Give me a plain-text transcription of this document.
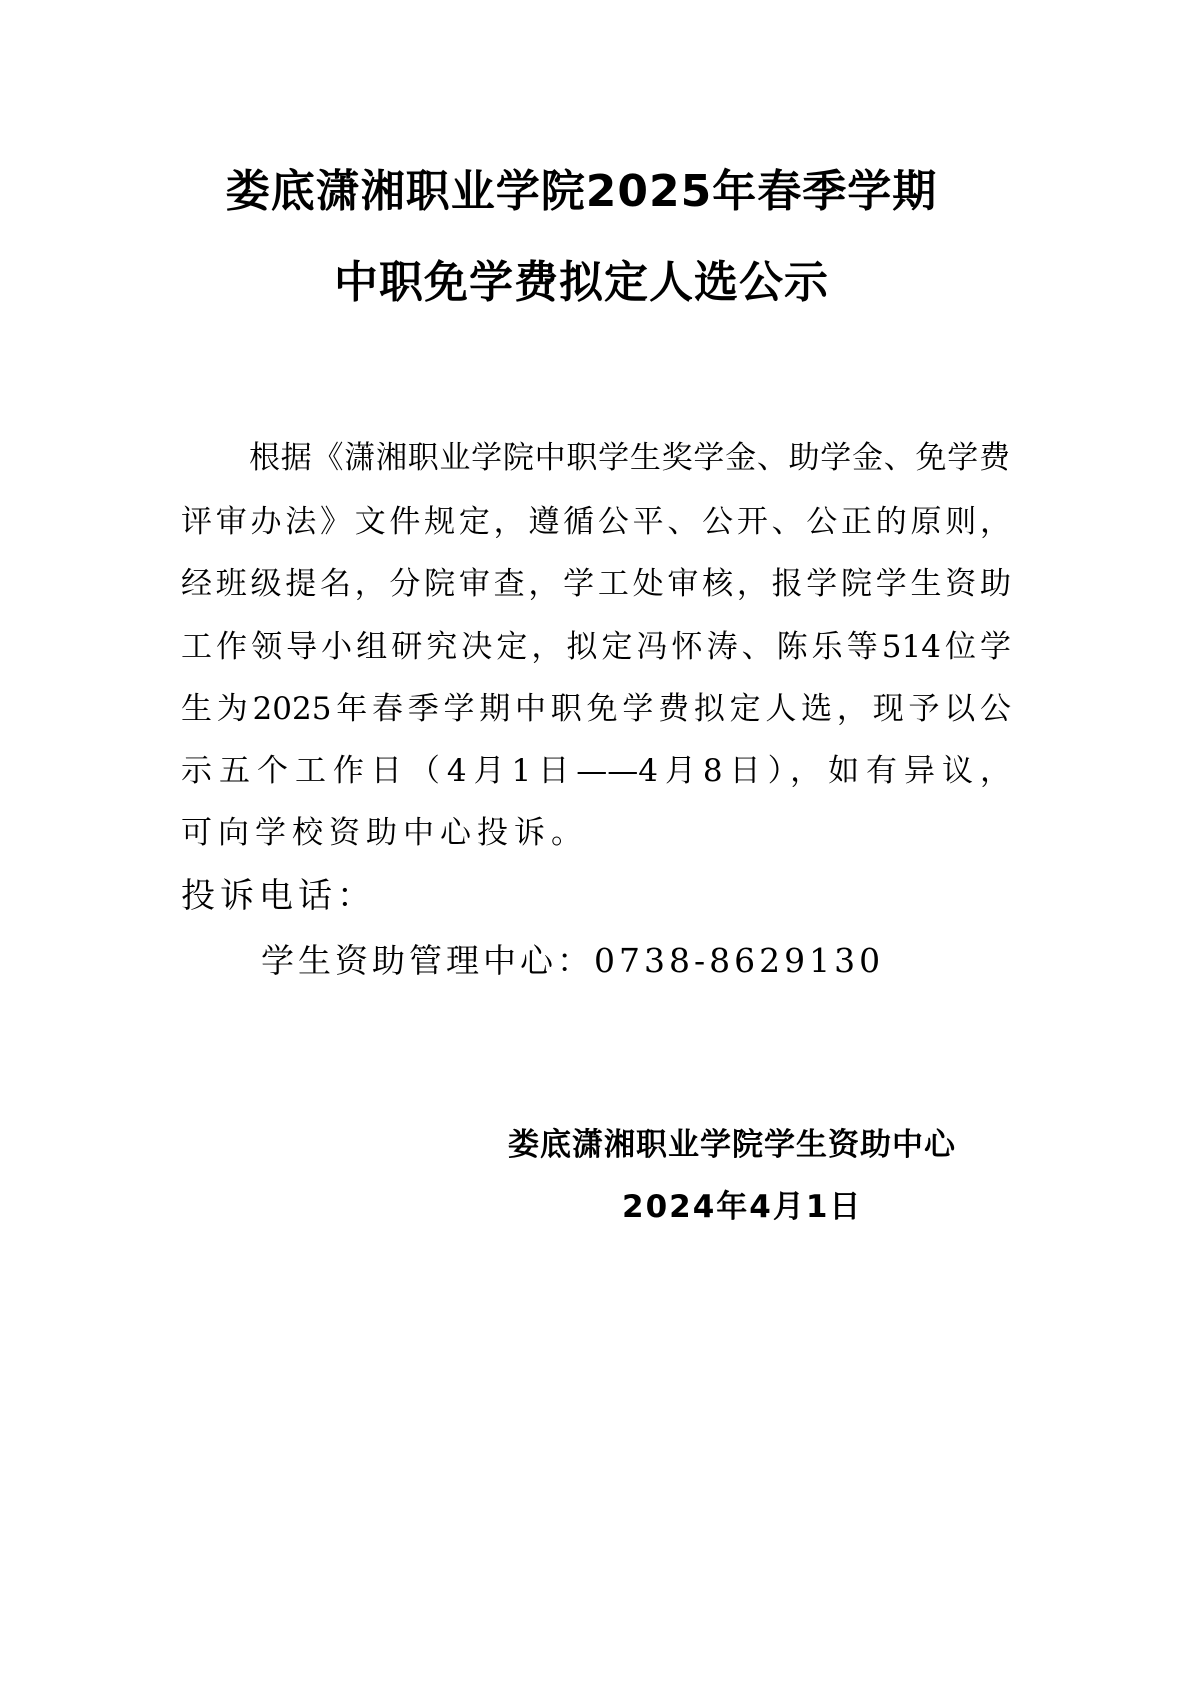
娄底潇湘职业学院2025年春季学期
中职免学费拟定人选公示
根据《潇湘职业学院中职学生奖学金、助学金、免学费
评审办法》文件规定，遵循公平、公开、公正的原则，
经班级提名，分院审查，学工处审核，报学院学生资助
工作领导小组研究决定，拟定冯怀涛、陈乐等514位学
生为2025年春季学期中职免学费拟定人选，现予以公
示五个工作日（4月1日——4月8日），如有异议，
可向学校资助中心投诉。
投诉电话：
学生资助管理中心：0738-8629130
娄底潇湘职业学院学生资助中心
2024年4月1日
